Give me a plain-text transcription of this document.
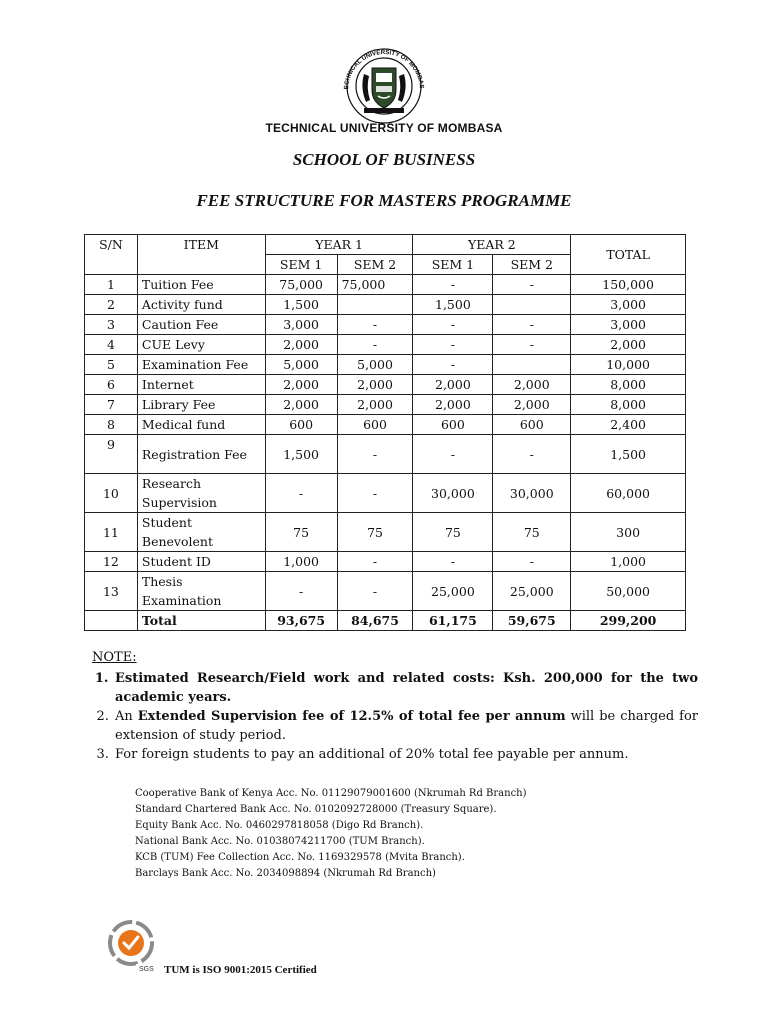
ECHNICAL UNIVERSITY OF MOMBAS
TECHNICAL UNIVERSITY OF MOMBASA
SCHOOL OF BUSINESS
FEE STRUCTURE FOR MASTERS PROGRAMME
S/N	ITEM	YEAR 1		YEAR 2		TOTAL
		SEM 1	SEM 2	SEM 1	SEM 2	
1	Tuition Fee	75,000	75,000	-	-	150,000
2	Activity fund	1,500		1,500		3,000
3	Caution Fee	3,000	-	-	-	3,000
4	CUE Levy	2,000	-	-	-	2,000
5	Examination Fee	5,000	5,000	-		10,000
6	Internet	2,000	2,000	2,000	2,000	8,000
7	Library Fee	2,000	2,000	2,000	2,000	8,000
8	Medical fund	600	600	600	600	2,400
9	Registration Fee	1,500	-	-	-	1,500
10	Research
Supervision	-	-	30,000	30,000	60,000
11	Student
Benevolent	75	75	75	75	300
12	Student ID	1,000	-	-	-	1,000
13	Thesis
Examination	-	-	25,000	25,000	50,000
	Total	93,675	84,675	61,175	59,675	299,200
NOTE:
1. Estimated Research/Field work and related costs: Ksh. 200,000 for the two academic years.
2. An Extended Supervision fee of 12.5% of total fee per annum will be charged for extension of study period.
3. For foreign students to pay an additional of 20% total fee payable per annum.
Cooperative Bank of Kenya Acc. No. 01129079001600 (Nkrumah Rd Branch)
Standard Chartered Bank Acc. No. 0102092728000 (Treasury Square).
Equity Bank Acc. No. 0460297818058 (Digo Rd Branch).
National Bank Acc. No. 01038074211700 (TUM Branch).
KCB (TUM) Fee Collection Acc. No. 1169329578 (Mvita Branch).
Barclays Bank Acc. No. 2034098894 (Nkrumah Rd Branch)
SGS TUM is ISO 9001:2015 Certified
